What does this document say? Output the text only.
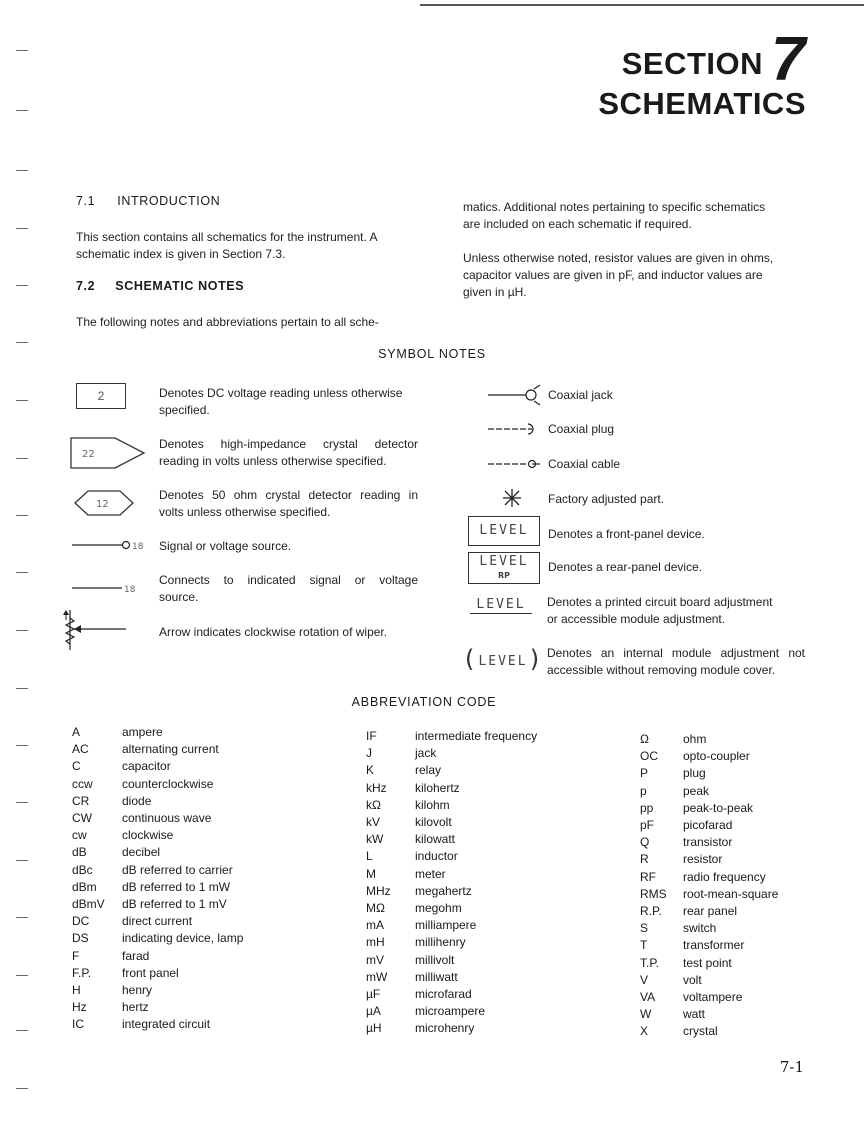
SECTION 7
SCHEMATICS
7.1 INTRODUCTION
This section contains all schematics for the instrument. A
schematic index is given in Section 7.3.
7.2 SCHEMATIC NOTES
The following notes and abbreviations pertain to all sche-
matics. Additional notes pertaining to specific schematics
are included on each schematic if required.
Unless otherwise noted, resistor values are given in ohms,
capacitor values are given in pF, and inductor values are
given in µH.
SYMBOL NOTES
2	Denotes DC voltage reading unless otherwise
specified.
22
Denotes high-impedance crystal detector
reading in volts unless otherwise specified.
12
Denotes 50 ohm crystal detector reading in
volts unless otherwise specified.
18 Signal or voltage source.
18
Connects to indicated signal or voltage
source.
Arrow indicates clockwise rotation of wiper.
Coaxial jack
Coaxial plug
Coaxial cable
Factory adjusted part.
LEVEL	Denotes a front-panel device.
LEVEL
RP
Denotes a rear-panel device.
LEVEL	Denotes a printed circuit board adjustment
or accessible module adjustment.
(LEVEL) Denotes an internal module adjustment not
accessible without removing module cover.
ABBREVIATION CODE
A	ampere
AC	alternating current
C	capacitor
ccw counterclockwise
CR	diode
CW	continuous wave
cw	clockwise
dB	decibel
dBc dB referred to carrier
dBm dB referred to 1 mW
dBmV dB referred to 1 mV
DC	direct current
DS	indicating device, lamp
F	farad
F.P.	front panel
H	henry
Hz	hertz
IC	integrated circuit
IF	intermediate frequency
J	jack
K	relay
kHz kilohertz
kΩ	kilohm
kV	kilovolt
kW	kilowatt
L	inductor
M	meter
MHz megahertz
MΩ	megohm
mA	milliampere
mH	millihenry
mV	millivolt
mW milliwatt
µF	microfarad
µA	microampere
µH	microhenry
Ω	ohm
OC opto-coupler
P	plug
p	peak
pp peak-to-peak
pF picofarad
Q	transistor
R	resistor
RF radio frequency
RMS root-mean-square
R.P. rear panel
S	switch
T	transformer
T.P. test point
V	volt
VA voltampere
W	watt
X	crystal
7-1
